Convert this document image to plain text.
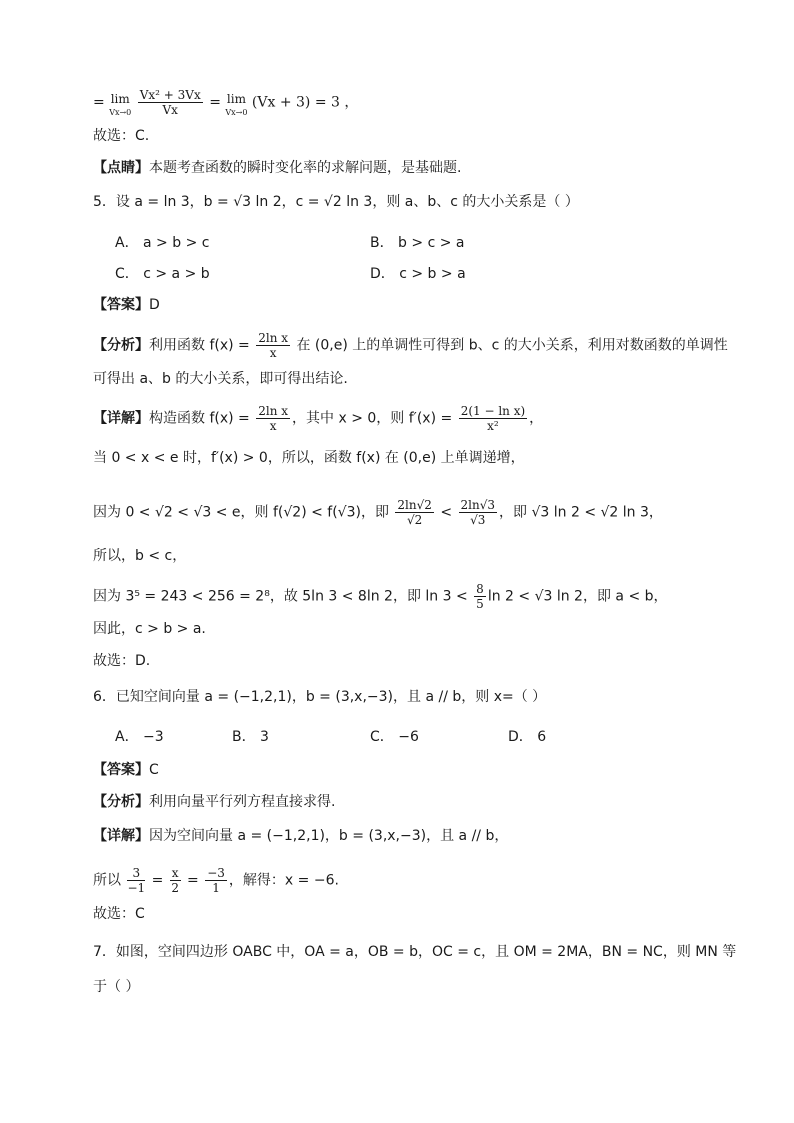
= lim
Vx→0
$\frac{\text{Vx² + 3Vx}}{Vx} = \lim$
Vx→0
(Vx + 3) = 3 ，
故选：C.
【点睛】本题考查函数的瞬时变化率的求解问题，是基础题.
5．设 a = ln 3，b = √3 ln 2，c = √2 ln 3，则 a、b、c 的大小关系是（ ）
A． a > b > c	B． b > c > a
C． c > a > b	D． c > b > a
【答案】D
【分析】利用函数 $f(x) = \frac{\text{2ln x}}{x}$ 在 (0,e) 上的单调性可得到 b、c 的大小关系，利用对数函数的单调性
可得出 a、b 的大小关系，即可得出结论.
【详解】构造函数 $f(x) = \frac{\text{2ln x}}{x}$ ，其中 x > 0，则 $f'(x) = \frac{\text{2(1 − ln x)}}{\text{x²}}$ ，
当 0 < x < e 时，f′(x) > 0，所以，函数 f(x) 在 (0,e) 上单调递增，
因为 0 < √2 < √3 < e，则 f(√2) < f(√3)，即 $\frac{2\ln√2}{√2} < \frac{2\ln√3}{√3}$ ，即 √3 ln 2 < √2 ln 3，
所以，b < c，
因为 3⁵ = 243 < 256 = 2⁸，故 5ln 3 < 8ln 2，即 $\ln 3 < \frac{8}{5}$ ln 2 < √3 ln 2，即 a < b，
因此，c > b > a.
故选：D.
6．已知空间向量 a = (−1,2,1)，b = (3,x,−3)，且 a // b，则 x=（ ）
A． −3	B． 3	C． −6	D． 6
【答案】C
【分析】利用向量平行列方程直接求得.
【详解】因为空间向量 a = (−1,2,1)，b = (3,x,−3)，且 a // b，
所以 $\frac{3}{-1} = \frac{x}{2} = \frac{-3}{1}$ ，解得：x = −6.
故选：C
7．如图，空间四边形 OABC 中，OA = a，OB = b，OC = c，且 OM = 2MA，BN = NC，则 MN 等
于（ ）
